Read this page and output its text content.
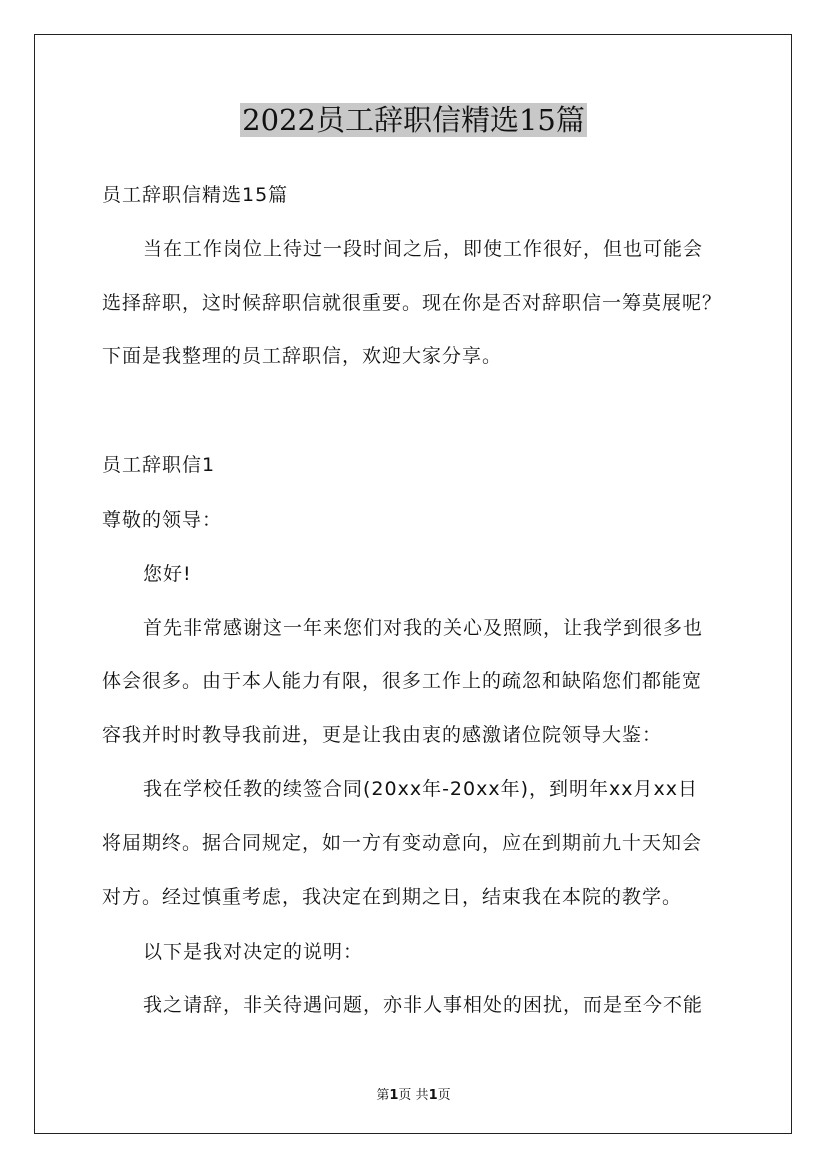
2022员工辞职信精选15篇
员工辞职信精选15篇
当在工作岗位上待过一段时间之后，即使工作很好，但也可能会
选择辞职，这时候辞职信就很重要。现在你是否对辞职信一筹莫展呢？
下面是我整理的员工辞职信，欢迎大家分享。
员工辞职信1
尊敬的领导：
您好!
首先非常感谢这一年来您们对我的关心及照顾，让我学到很多也
体会很多。由于本人能力有限，很多工作上的疏忽和缺陷您们都能宽
容我并时时教导我前进，更是让我由衷的感激诸位院领导大鉴：
我在学校任教的续签合同(20xx年-20xx年)，到明年xx月xx日
将届期终。据合同规定，如一方有变动意向，应在到期前九十天知会
对方。经过慎重考虑，我决定在到期之日，结束我在本院的教学。
以下是我对决定的说明：
我之请辞，非关待遇问题，亦非人事相处的困扰，而是至今不能
第1页 共1页
